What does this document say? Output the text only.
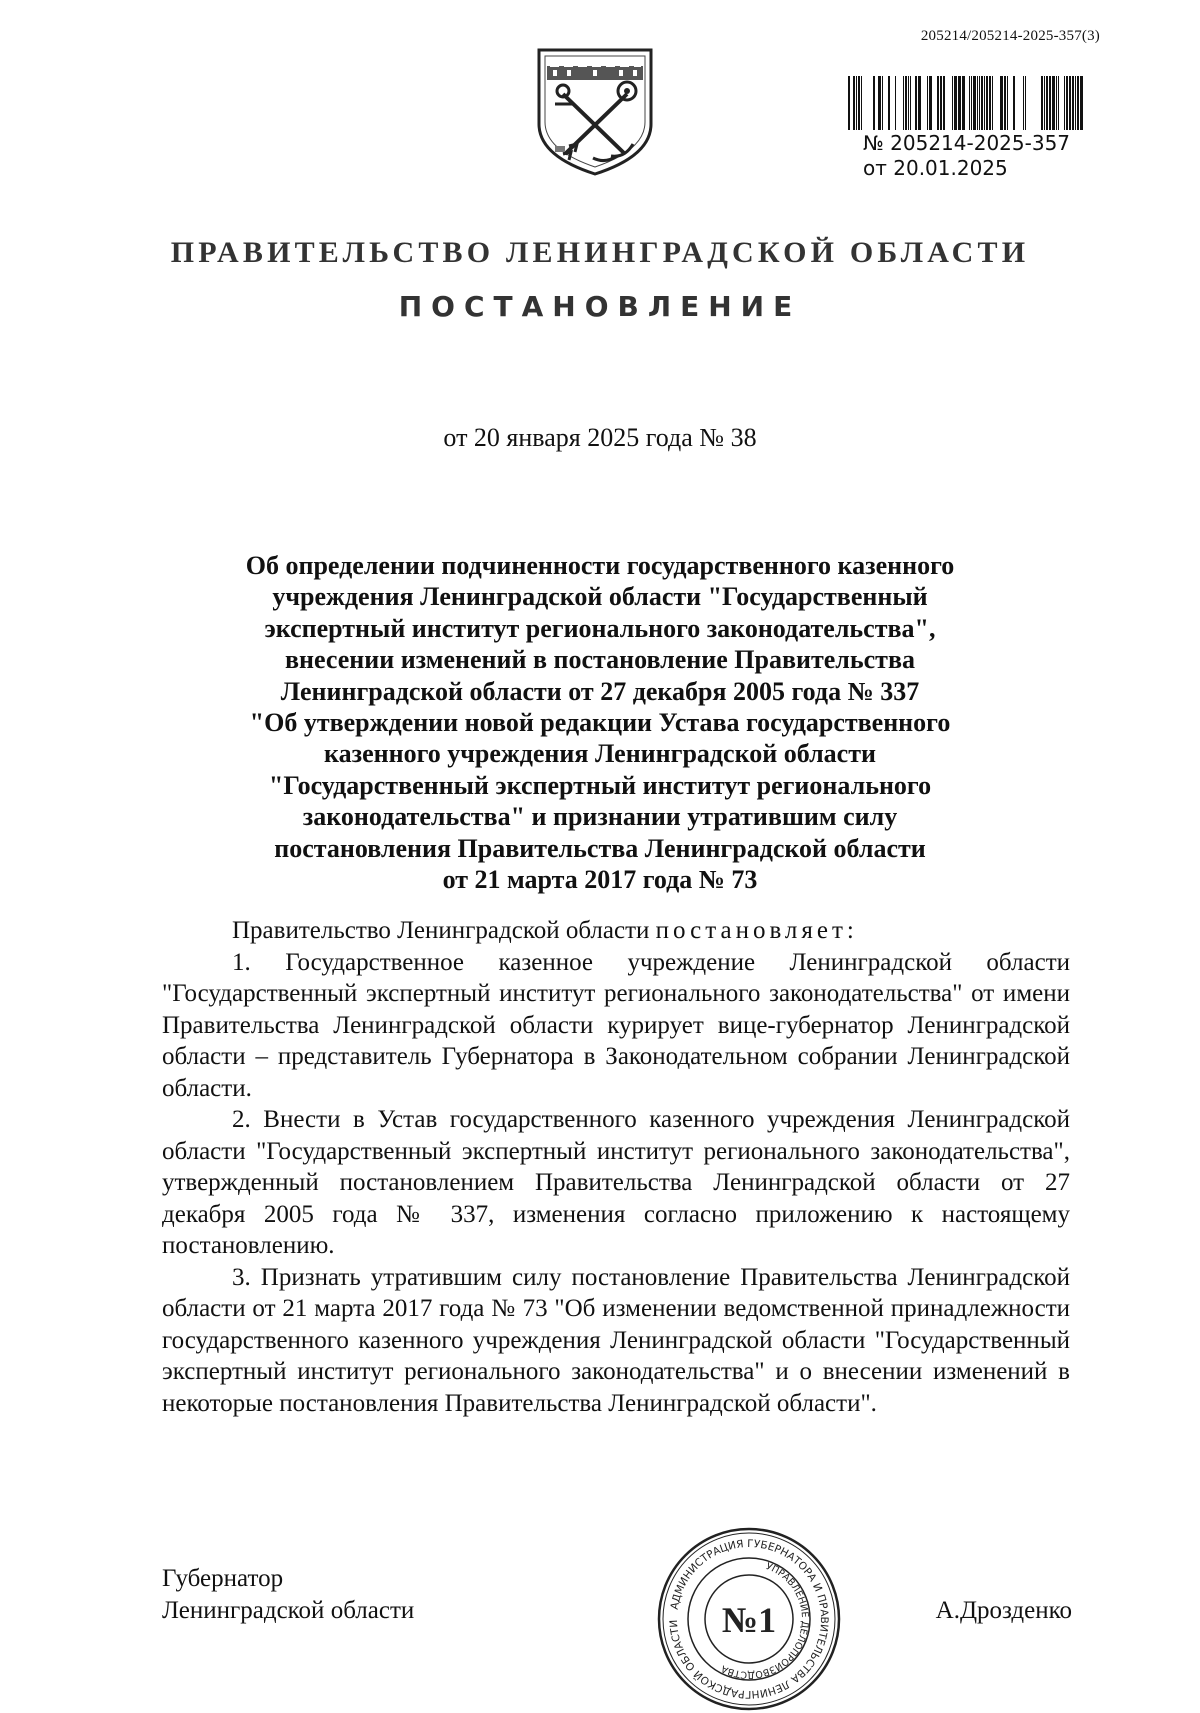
205214/205214-2025-357(3)
№ 205214-2025-357
от 20.01.2025
ПРАВИТЕЛЬСТВО ЛЕНИНГРАДСКОЙ ОБЛАСТИ
ПОСТАНОВЛЕНИЕ
от 20 января 2025 года № 38
Об определении подчиненности государственного казенного
учреждения Ленинградской области "Государственный
экспертный институт регионального законодательства",
внесении изменений в постановление Правительства
Ленинградской области от 27 декабря 2005 года № 337
"Об утверждении новой редакции Устава государственного
казенного учреждения Ленинградской области
"Государственный экспертный институт регионального
законодательства" и признании утратившим силу
постановления Правительства Ленинградской области
от 21 марта 2017 года № 73

Правительство Ленинградской области постановляет:

1. Государственное казенное учреждение Ленинградской области "Государственный экспертный институт регионального законодательства" от имени Правительства Ленинградской области курирует вице-губернатор Ленинградской области – представитель Губернатора в Законодательном собрании Ленинградской области.

2. Внести в Устав государственного казенного учреждения Ленинградской области "Государственный экспертный институт регионального законодательства", утвержденный постановлением Правительства Ленинградской области от 27 декабря 2005 года № 337, изменения согласно приложению к настоящему постановлению.

3. Признать утратившим силу постановление Правительства Ленинградской области от 21 марта 2017 года № 73 "Об изменении ведомственной принадлежности государственного казенного учреждения Ленинградской области "Государственный экспертный институт регионального законодательства" и о внесении изменений в некоторые постановления Правительства Ленинградской области".

Губернатор
Ленинградской области	АДМИНИСТРАЦИЯ ГУБЕРНАТОРА И ПРАВИТЕЛЬСТВА ЛЕНИНГРАДСКОЙ ОБЛАСТИ
УПРАВЛЕНИЕ ДЕЛОПРОИЗВОДСТВА
№1	А.Дрозденко
